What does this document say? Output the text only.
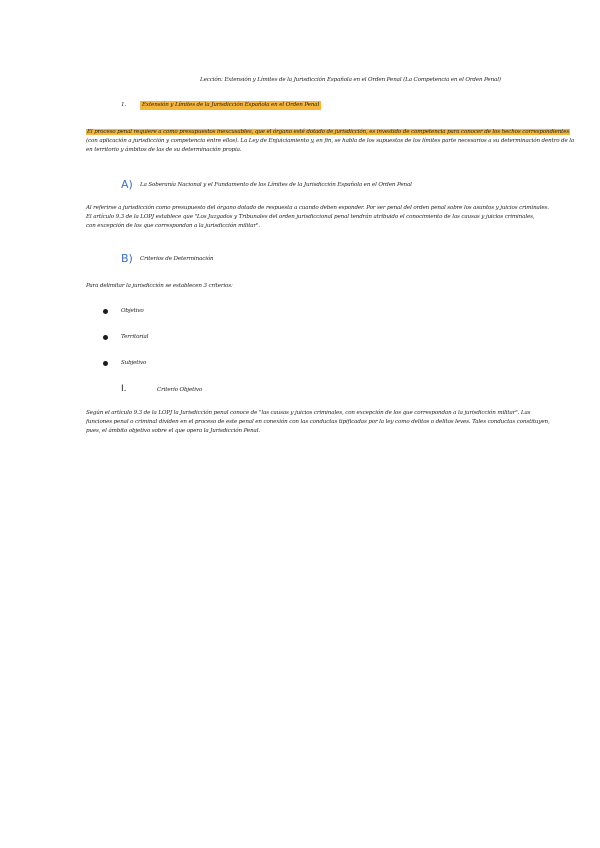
Lección: Extensión y Límites de la Jurisdicción Española en el Orden Penal (La Competencia en el Orden Penal)
1.	Extensión y Límites de la Jurisdicción Española en el Orden Penal
El proceso penal requiere a como presupuestos inexcusables, que el órgano esté dotado de jurisdicción, es investido de competencia para conocer de los hechos correspondientes
(con aplicación a jurisdicción y competencia entre ellos). La Ley de Enjuiciamiento y, en fin, se habla de los supuestos de los límites parte necesarios a su determinación dentro de la
en territorio y ámbitos de las de su determinación propia.
A) La Soberanía Nacional y el Fundamento de los Límites de la Jurisdicción Española en el Orden Penal
Al referirse a jurisdicción como presupuesto del órgano dotado de respuesta a cuando deben esponder. Por ser penal del orden penal sobre los asuntos y juicios criminales.
El artículo 9.3 de la LOPJ establece que "Los Juzgados y Tribunales del orden jurisdiccional penal tendrán atribuido el conocimiento de las causas y juicios criminales,
con excepción de los que correspondan a la jurisdicción militar".
B) Criterios de Determinación
Para delimitar la jurisdicción se establecen 3 criterios:
Objetivo
Territorial
Subjetivo
I.	Criterio Objetivo
Según el artículo 9.3 de la LOPJ la Jurisdicción penal conoce de "las causas y juicios criminales, con excepción de los que correspondan a la jurisdicción militar". Las
funciones penal o criminal dividen en el proceso de este penal en conexión con las conductas tipificadas por la ley como delitos o delitos leves. Tales conductas constituyen,
pues, el ámbito objetivo sobre el que opera la Jurisdicción Penal.
